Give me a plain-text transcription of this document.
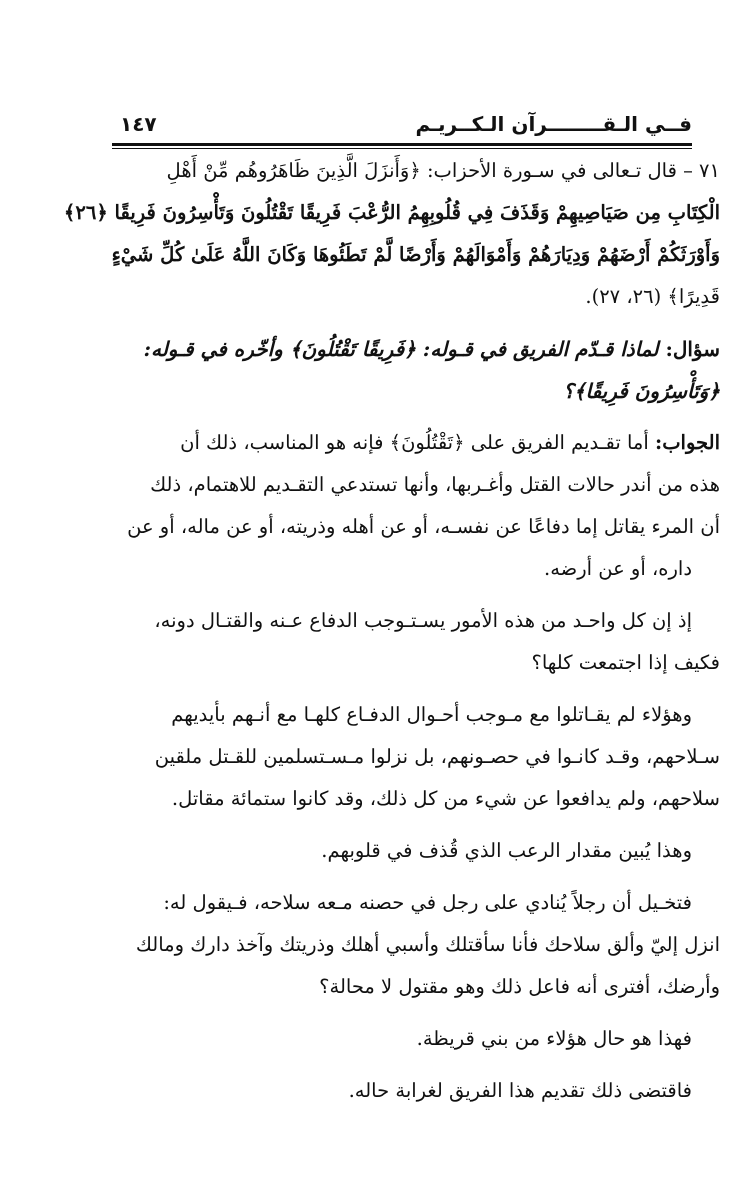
فــي الـقــــــــرآن الـكــريـم
١٤٧
٧١ – قال تـعالى في سـورة الأحزاب: ﴿وَأَنزَلَ الَّذِينَ ظَاهَرُوهُم مِّنْ أَهْلِ
الْكِتَابِ مِن صَيَاصِيهِمْ وَقَذَفَ فِي قُلُوبِهِمُ الرُّعْبَ فَرِيقًا تَقْتُلُونَ وَتَأْسِرُونَ فَرِيقًا ﴿٢٦﴾
وَأَوْرَثَكُمْ أَرْضَهُمْ وَدِيَارَهُمْ وَأَمْوَالَهُمْ وَأَرْضًا لَّمْ تَطَئُوهَا وَكَانَ اللَّهُ عَلَىٰ كُلِّ شَيْءٍ
قَدِيرًا﴾ (٢٦، ٢٧).
سؤال: لماذا قـدّم الفريق في قـوله: ﴿فَرِيقًا تَقْتُلُونَ﴾ وأخّره في قـوله:
﴿وَتَأْسِرُونَ فَرِيقًا﴾؟
الجواب: أما تقـديم الفريق على ﴿تَقْتُلُونَ﴾ فإنه هو المناسب، ذلك أن
هذه من أندر حالات القتل وأغـربها، وأنها تستدعي التقـديم للاهتمام، ذلك
أن المرء يقاتل إما دفاعًا عن نفسـه، أو عن أهله وذريته، أو عن ماله، أو عن
داره، أو عن أرضه.
إذ إن كل واحـد من هذه الأمور يسـتـوجب الدفاع عـنه والقتـال دونه،
فكيف إذا اجتمعت كلها؟
وهؤلاء لم يقـاتلوا مع مـوجب أحـوال الدفـاع كلهـا مع أنـهم بأيديهم
سـلاحهم، وقـد كانـوا في حصـونهم، بل نزلوا مـسـتسلمين للقـتل ملقين
سلاحهم، ولم يدافعوا عن شيء من كل ذلك، وقد كانوا ستمائة مقاتل.
وهذا يُبين مقدار الرعب الذي قُذف في قلوبهم.
فتخـيل أن رجلاً يُنادي على رجل في حصنه مـعه سلاحه، فـيقول له:
انزل إليّ وألق سلاحك فأنا سأقتلك وأسبي أهلك وذريتك وآخذ دارك ومالك
وأرضك، أفترى أنه فاعل ذلك وهو مقتول لا محالة؟
فهذا هو حال هؤلاء من بني قريظة.
فاقتضى ذلك تقديم هذا الفريق لغرابة حاله.
